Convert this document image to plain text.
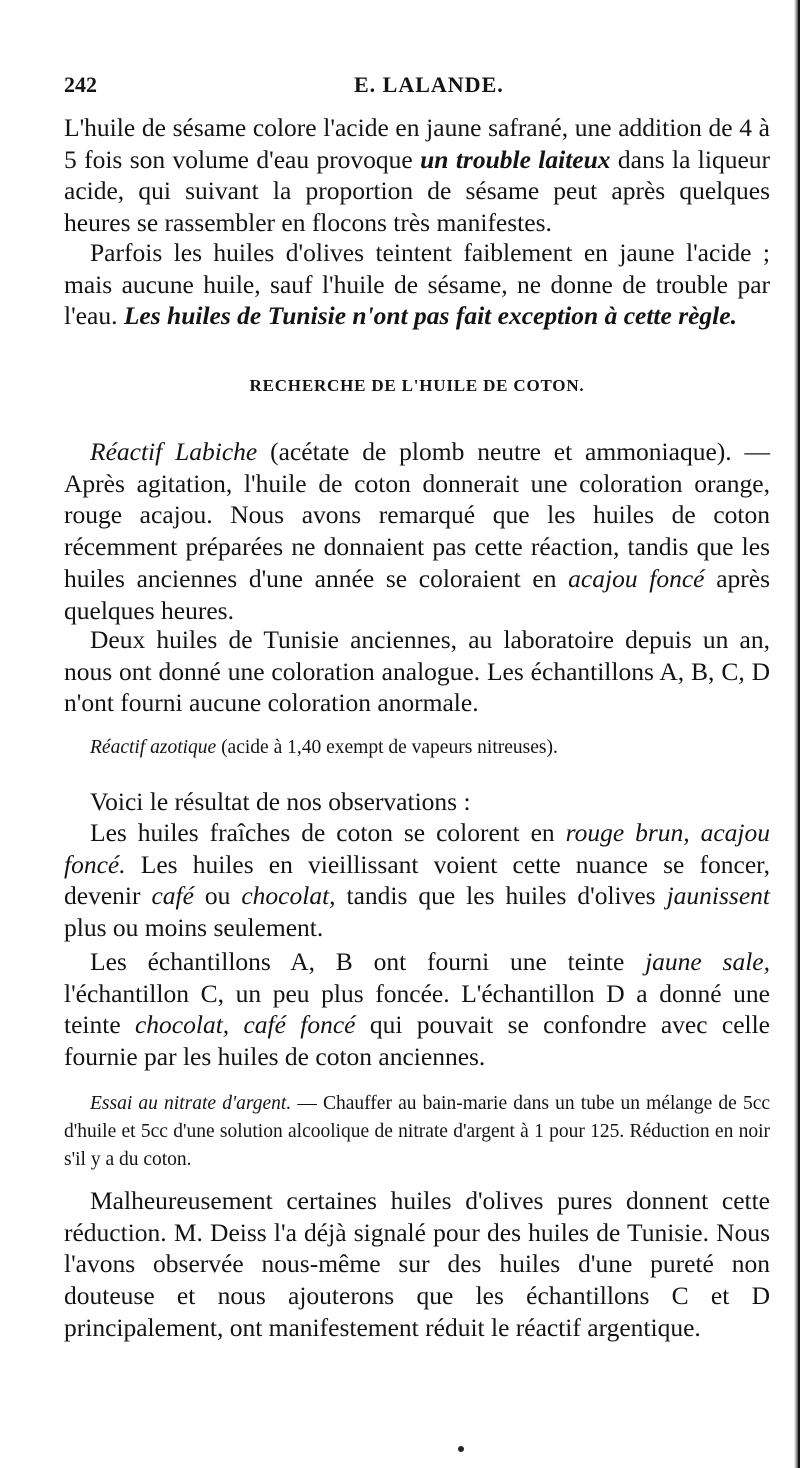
242	E. LALANDE.

L'huile de sésame colore l'acide en jaune safrané, une addition de 4 à 5 fois son volume d'eau provoque un trouble laiteux dans la liqueur acide, qui suivant la proportion de sésame peut après quelques heures se rassembler en flocons très manifestes.

Parfois les huiles d'olives teintent faiblement en jaune l'acide ; mais aucune huile, sauf l'huile de sésame, ne donne de trouble par l'eau. Les huiles de Tunisie n'ont pas fait exception à cette règle.

RECHERCHE DE L'HUILE DE COTON.

Réactif Labiche (acétate de plomb neutre et ammoniaque). — Après agitation, l'huile de coton donnerait une coloration orange, rouge acajou. Nous avons remarqué que les huiles de coton récemment préparées ne donnaient pas cette réaction, tandis que les huiles anciennes d'une année se coloraient en acajou foncé après quelques heures.

Deux huiles de Tunisie anciennes, au laboratoire depuis un an, nous ont donné une coloration analogue. Les échantillons A, B, C, D n'ont fourni aucune coloration anormale.

Réactif azotique (acide à 1,40 exempt de vapeurs nitreuses).

Voici le résultat de nos observations :

Les huiles fraîches de coton se colorent en rouge brun, acajou foncé. Les huiles en vieillissant voient cette nuance se foncer, devenir café ou chocolat, tandis que les huiles d'olives jaunissent plus ou moins seulement.

Les échantillons A, B ont fourni une teinte jaune sale, l'échantillon C, un peu plus foncée. L'échantillon D a donné une teinte chocolat, café foncé qui pouvait se confondre avec celle fournie par les huiles de coton anciennes.

Essai au nitrate d'argent. — Chauffer au bain-marie dans un tube un mélange de 5cc d'huile et 5cc d'une solution alcoolique de nitrate d'argent à 1 pour 125. Réduction en noir s'il y a du coton.

Malheureusement certaines huiles d'olives pures donnent cette réduction. M. Deiss l'a déjà signalé pour des huiles de Tunisie. Nous l'avons observée nous-même sur des huiles d'une pureté non douteuse et nous ajouterons que les échantillons C et D principalement, ont manifestement réduit le réactif argentique.
